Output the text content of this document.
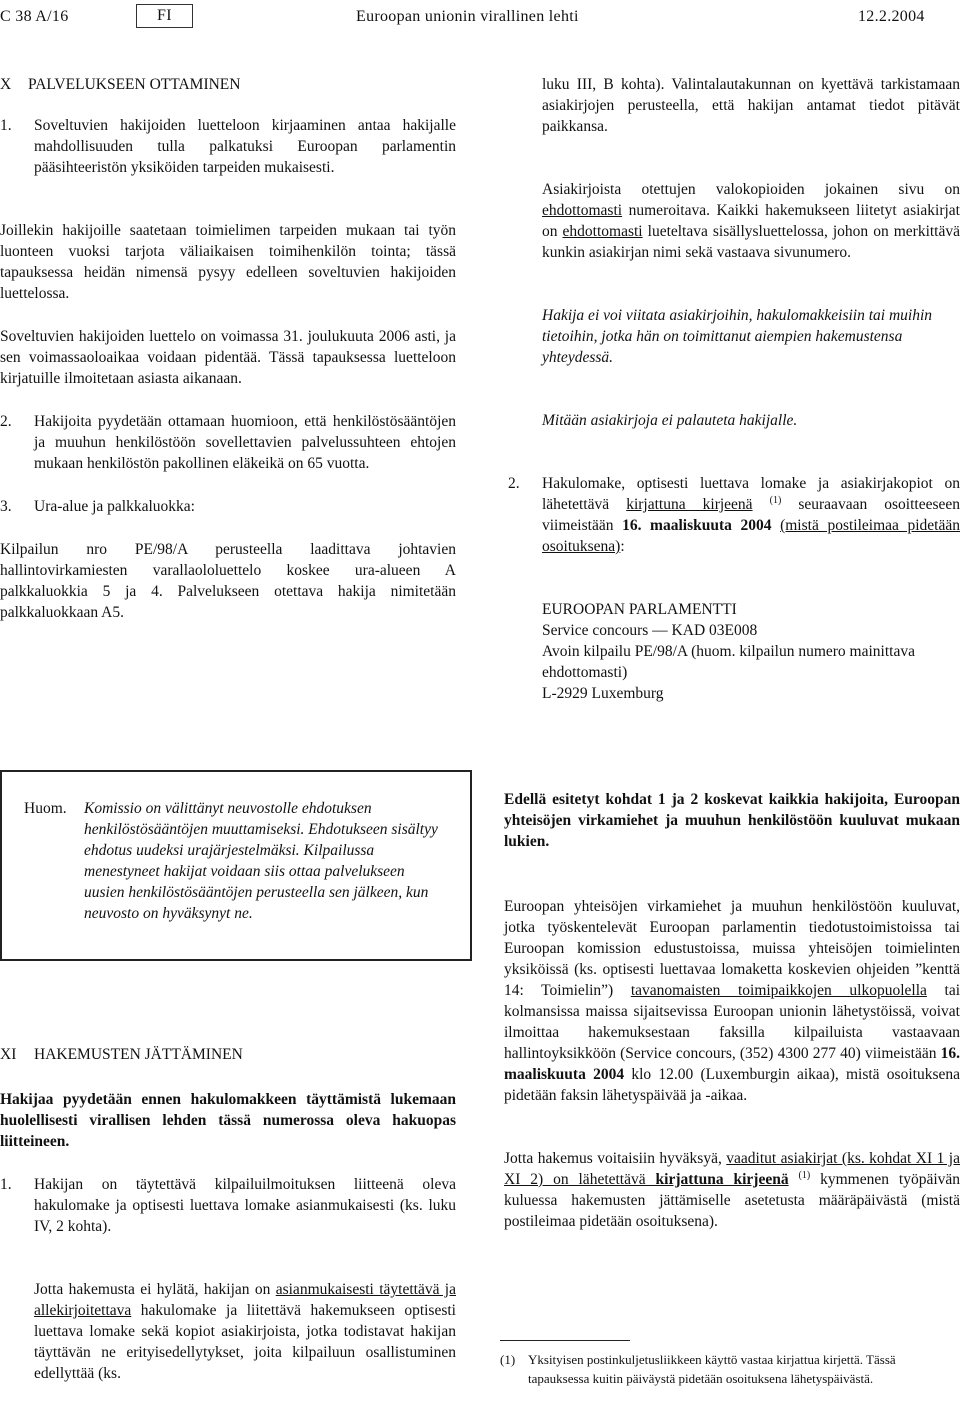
C 38 A/16	FI	Euroopan unionin virallinen lehti	12.2.2004
X	PALVELUKSEEN OTTAMINEN
1.	Soveltuvien hakijoiden luetteloon kirjaaminen antaa hakijalle mahdollisuuden tulla palkatuksi Euroopan parlamentin pääsihteeristön yksiköiden tarpeiden mukaisesti.

Joillekin hakijoille saatetaan toimielimen tarpeiden mukaan tai työn luonteen vuoksi tarjota väliaikaisen toimihenkilön tointa; tässä tapauksessa heidän nimensä pysyy edelleen soveltuvien hakijoiden luettelossa.

Soveltuvien hakijoiden luettelo on voimassa 31. joulukuuta 2006 asti, ja sen voimassaoloaikaa voidaan pidentää. Tässä tapauksessa luetteloon kirjatuille ilmoitetaan asiasta aikanaan.

2.	Hakijoita pyydetään ottamaan huomioon, että henkilöstösääntöjen ja muuhun henkilöstöön sovellettavien palvelussuhteen ehtojen mukaan henkilöstön pakollinen eläkeikä on 65 vuotta.
3.	Ura-alue ja palkkaluokka:

Kilpailun nro PE/98/A perusteella laadittava johtavien hallintovirkamiesten varallaololuettelo koskee ura-alueen A palkkaluokkia 5 ja 4. Palvelukseen otettava hakija nimitetään palkkaluokkaan A5.

Huom.	Komissio on välittänyt neuvostolle ehdotuksen henkilöstösääntöjen muuttamiseksi. Ehdotukseen sisältyy ehdotus uudeksi urajärjestelmäksi. Kilpailussa menestyneet hakijat voidaan siis ottaa palvelukseen uusien henkilöstösääntöjen perusteella sen jälkeen, kun neuvosto on hyväksynyt ne.
XI	HAKEMUSTEN JÄTTÄMINEN

Hakijaa pyydetään ennen hakulomakkeen täyttämistä lukemaan huolellisesti virallisen lehden tässä numerossa oleva hakuopas liitteineen.

1.	Hakijan on täytettävä kilpailuilmoituksen liitteenä oleva hakulomake ja optisesti luettava lomake asianmukaisesti (ks. luku IV, 2 kohta).

Jotta hakemusta ei hylätä, hakijan on asianmukaisesti täytettävä ja allekirjoitettava hakulomake ja liitettävä hakemukseen optisesti luettava lomake sekä kopiot asiakirjoista, jotka todistavat hakijan täyttävän ne erityisedellytykset, joita kilpailuun osallistuminen edellyttää (ks.

luku III, B kohta). Valintalautakunnan on kyettävä tarkistamaan asiakirjojen perusteella, että hakijan antamat tiedot pitävät paikkansa.

Asiakirjoista otettujen valokopioiden jokainen sivu on ehdottomasti numeroitava. Kaikki hakemukseen liitetyt asiakirjat on ehdottomasti lueteltava sisällysluettelossa, johon on merkittävä kunkin asiakirjan nimi sekä vastaava sivunumero.

Hakija ei voi viitata asiakirjoihin, hakulomakkeisiin tai muihin tietoihin, jotka hän on toimittanut aiempien hakemustensa yhteydessä.

Mitään asiakirjoja ei palauteta hakijalle.

2.	Hakulomake, optisesti luettava lomake ja asiakirjakopiot on lähetettävä kirjattuna kirjeenä $^{(1)}$ seuraavaan osoitteeseen viimeistään 16. maaliskuuta 2004 (mistä postileimaa pidetään osoituksena):
EUROOPAN PARLAMENTTI
Service concours — KAD 03E008
Avoin kilpailu PE/98/A (huom. kilpailun numero mainittava ehdottomasti)
L-2929 Luxemburg

Edellä esitetyt kohdat 1 ja 2 koskevat kaikkia hakijoita, Euroopan yhteisöjen virkamiehet ja muuhun henkilöstöön kuuluvat mukaan lukien.

Euroopan yhteisöjen virkamiehet ja muuhun henkilöstöön kuuluvat, jotka työskentelevät Euroopan parlamentin tiedotustoimistoissa tai Euroopan komission edustustoissa, muissa yhteisöjen toimielinten yksiköissä (ks. optisesti luettavaa lomaketta koskevien ohjeiden ”kenttä 14: Toimielin”) tavanomaisten toimipaikkojen ulkopuolella tai kolmansissa maissa sijaitsevissa Euroopan unionin lähetystöissä, voivat ilmoittaa hakemuksestaan faksilla kilpailuista vastaavaan hallintoyksikköön (Service concours, (352) 4300 277 40) viimeistään 16. maaliskuuta 2004 klo 12.00 (Luxemburgin aikaa), mistä osoituksena pidetään faksin lähetyspäivää ja -aikaa.

Jotta hakemus voitaisiin hyväksyä, vaaditut asiakirjat (ks. kohdat XI 1 ja XI 2) on lähetettävä kirjattuna kirjeenä $^{(1)}$ kymmenen työpäivän kuluessa hakemusten jättämiselle asetetusta määräpäivästä (mistä postileimaa pidetään osoituksena).

(1) Yksityisen postinkuljetusliikkeen käyttö vastaa kirjattua kirjettä. Tässä tapauksessa kuitin päiväystä pidetään osoituksena lähetyspäivästä.
